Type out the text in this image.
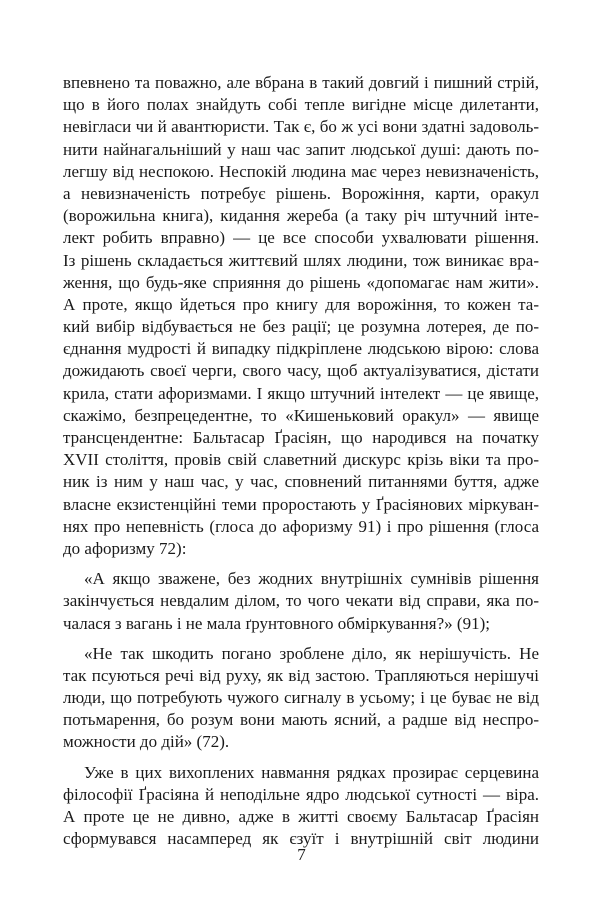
впевнено та поважно, але вбрана в такий довгий і пишний стрій,
що в його полах знайдуть собі тепле вигідне місце дилетанти,
невігласи чи й авантюристи. Так є, бо ж усі вони здатні задоволь-
нити найнагальніший у наш час запит людської душі: дають по-
легшу від неспокою. Неспокій людина має через невизначеність,
а невизначеність потребує рішень. Ворожіння, карти, оракул
(ворожильна книга), кидання жереба (а таку річ штучний інте-
лект робить вправно) — це все способи ухвалювати рішення.
Із рішень складається життєвий шлях людини, тож виникає вра-
ження, що будь-яке сприяння до рішень «допомагає нам жити».
А проте, якщо йдеться про книгу для ворожіння, то кожен та-
кий вибір відбувається не без рації; це розумна лотерея, де по-
єднання мудрості й випадку підкріплене людською вірою: слова
дожидають своєї черги, свого часу, щоб актуалізуватися, дістати
крила, стати афоризмами. І якщо штучний інтелект — це явище,
скажімо, безпрецедентне, то «Кишеньковий оракул» — явище
трансцендентне: Бальтасар Ґрасіян, що народився на початку
XVII століття, провів свій славетний дискурс крізь віки та про-
ник із ним у наш час, у час, сповнений питаннями буття, адже
власне екзистенційні теми проростають у Ґрасіянових міркуван-
нях про непевність (глоса до афоризму 91) і про рішення (глоса
до афоризму 72):
«А якщо зважене, без жодних внутрішніх сумнівів рішення
закінчується невдалим ділом, то чого чекати від справи, яка по-
чалася з вагань і не мала ґрунтовного обміркування?» (91);
«Не так шкодить погано зроблене діло, як нерішучість. Не
так псуються речі від руху, як від застою. Трапляються нерішучі
люди, що потребують чужого сигналу в усьому; і це буває не від
потьмарення, бо розум вони мають ясний, а радше від неспро-
можности до дій» (72).
Уже в цих вихоплених навмання рядках прозирає серцевина
філософії Ґрасіяна й неподільне ядро людської сутності — віра.
А проте це не дивно, адже в житті своєму Бальтасар Ґрасіян
сформувався насамперед як єзуїт і внутрішній світ людини
7
